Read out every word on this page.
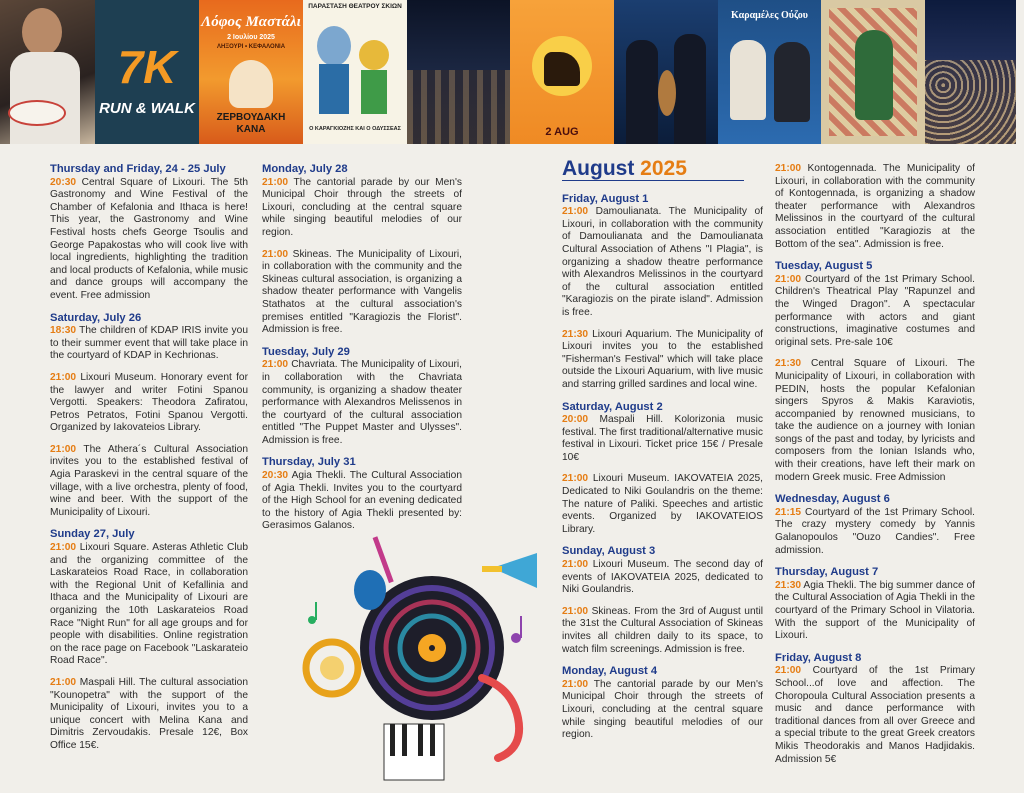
7K
RUN & WALK
Λόφος Μαστάλι
2 Ιουλίου 2025
ΛΗΞΟΥΡΙ • ΚΕΦΑΛΟΝΙΑ
ΖΕΡΒΟΥΔΑΚΗ ΚΑΝΑ
ΠΑΡΑΣΤΑΣΗ ΘΕΑΤΡΟΥ ΣΚΙΩΝ
Ο ΚΑΡΑΓΚΙΟΖΗΣ ΚΑΙ Ο ΟΔΥΣΣΕΑΣ	2 AUG
Καραμέλες Ούζου
Thursday and Friday, 24 - 25 July

20:30 Central Square of Lixouri. The 5th Gastronomy and Wine Festival of the Chamber of Kefalonia and Ithaca is here! This year, the Gastronomy and Wine Festival hosts chefs George Tsoulis and George Papakostas who will cook live with local ingredients, highlighting the tradition and local products of Kefalonia, while music and dance groups will accompany the event. Free admission

Saturday, July 26

18:30 The children of KDAP IRIS invite you to their summer event that will take place in the courtyard of KDAP in Kechrionas.

21:00 Lixouri Museum. Honorary event for the lawyer and writer Fotini Spanou Vergotti. Speakers: Theodora Zafiratou, Petros Petratos, Fotini Spanou Vergotti. Organized by Iakovateios Library.

21:00 The Athera´s Cultural Association invites you to the established festival of Agia Paraskevi in the central square of the village, with a live orchestra, plenty of food, wine and beer. With the support of the Municipality of Lixouri.

Sunday 27, July

21:00 Lixouri Square. Asteras Athletic Club and the organizing committee of the Laskarateios Road Race, in collaboration with the Regional Unit of Kefallinia and Ithaca and the Municipality of Lixouri are organizing the 10th Laskarateios Road Race "Night Run" for all age groups and for people with disabilities. Online registration on the race page on Facebook "Laskarateio Road Race".

21:00 Maspali Hill. The cultural association "Kounopetra" with the support of the Municipality of Lixouri, invites you to a unique concert with Melina Kana and Dimitris Zervoudakis. Presale 12€, Box Office 15€.

Monday, July 28

21:00 The cantorial parade by our Men's Municipal Choir through the streets of Lixouri, concluding at the central square while singing beautiful melodies of our region.

21:00 Skineas. The Municipality of Lixouri, in collaboration with the community and the Skineas cultural association, is organizing a shadow theater performance with Vangelis Stathatos at the cultural association's premises entitled "Karagiozis the Florist". Admission is free.

Tuesday, July 29

21:00 Chavriata. The Municipality of Lixouri, in collaboration with the Chavriata community, is organizing a shadow theater performance with Alexandros Melissenos in the courtyard of the cultural association entitled "The Puppet Master and Ulysses". Admission is free.

Thursday, July 31

20:30 Agia Thekli. The Cultural Association of Agia Thekli. Invites you to the courtyard of the High School for an evening dedicated to the history of Agia Thekli presented by: Gerasimos Galanos.

August 2025
Friday, August 1

21:00 Damoulianata. The Municipality of Lixouri, in collaboration with the community of Damoulianata and the Damoulianata Cultural Association of Athens "I Plagia", is organizing a shadow theatre performance with Alexandros Melissinos in the courtyard of the cultural association entitled "Karagiozis on the pirate island". Admission is free.

21:30 Lixouri Aquarium. The Municipality of Lixouri invites you to the established "Fisherman's Festival" which will take place outside the Lixouri Aquarium, with live music and starring grilled sardines and local wine.

Saturday, August 2

20:00 Maspali Hill. Kolorizonia music festival. The first traditional/alternative music festival in Lixouri. Ticket price 15€ / Presale 10€

21:00 Lixouri Museum. IAKOVATEIA 2025, Dedicated to Niki Goulandris on the theme: The nature of Paliki. Speeches and artistic events. Organized by IAKOVATEIOS Library.

Sunday, August 3

21:00 Lixouri Museum. The second day of events of IAKOVATEIA 2025, dedicated to Niki Goulandris.

21:00 Skineas. From the 3rd of August until the 31st the Cultural Association of Skineas invites all children daily to its space, to watch film screenings. Admission is free.

Monday, August 4

21:00 The cantorial parade by our Men's Municipal Choir through the streets of Lixouri, concluding at the central square while singing beautiful melodies of our region.

21:00 Kontogennada. The Municipality of Lixouri, in collaboration with the community of Kontogennada, is organizing a shadow theater performance with Alexandros Melissinos in the courtyard of the cultural association entitled "Karagiozis at the Bottom of the sea". Admission is free.

Tuesday, August 5

21:00 Courtyard of the 1st Primary School. Children's Theatrical Play "Rapunzel and the Winged Dragon". A spectacular performance with actors and giant constructions, imaginative costumes and original sets. Pre-sale 10€

21:30 Central Square of Lixouri. The Municipality of Lixouri, in collaboration with PEDIN, hosts the popular Kefalonian singers Spyros & Makis Karaviotis, accompanied by renowned musicians, to take the audience on a journey with Ionian songs of the past and today, by lyricists and composers from the Ionian Islands who, with their creations, have left their mark on modern Greek music. Free Admission

Wednesday, August 6

21:15 Courtyard of the 1st Primary School. The crazy mystery comedy by Yannis Galanopoulos "Ouzo Candies". Free admission.

Thursday, August 7

21:30 Agia Thekli. The big summer dance of the Cultural Association of Agia Thekli in the courtyard of the Primary School in Vilatoria. With the support of the Municipality of Lixouri.

Friday, August 8

21:00 Courtyard of the 1st Primary School...of love and affection. The Choropoula Cultural Association presents a music and dance performance with traditional dances from all over Greece and a special tribute to the great Greek creators Mikis Theodorakis and Manos Hadjidakis. Admission 5€
